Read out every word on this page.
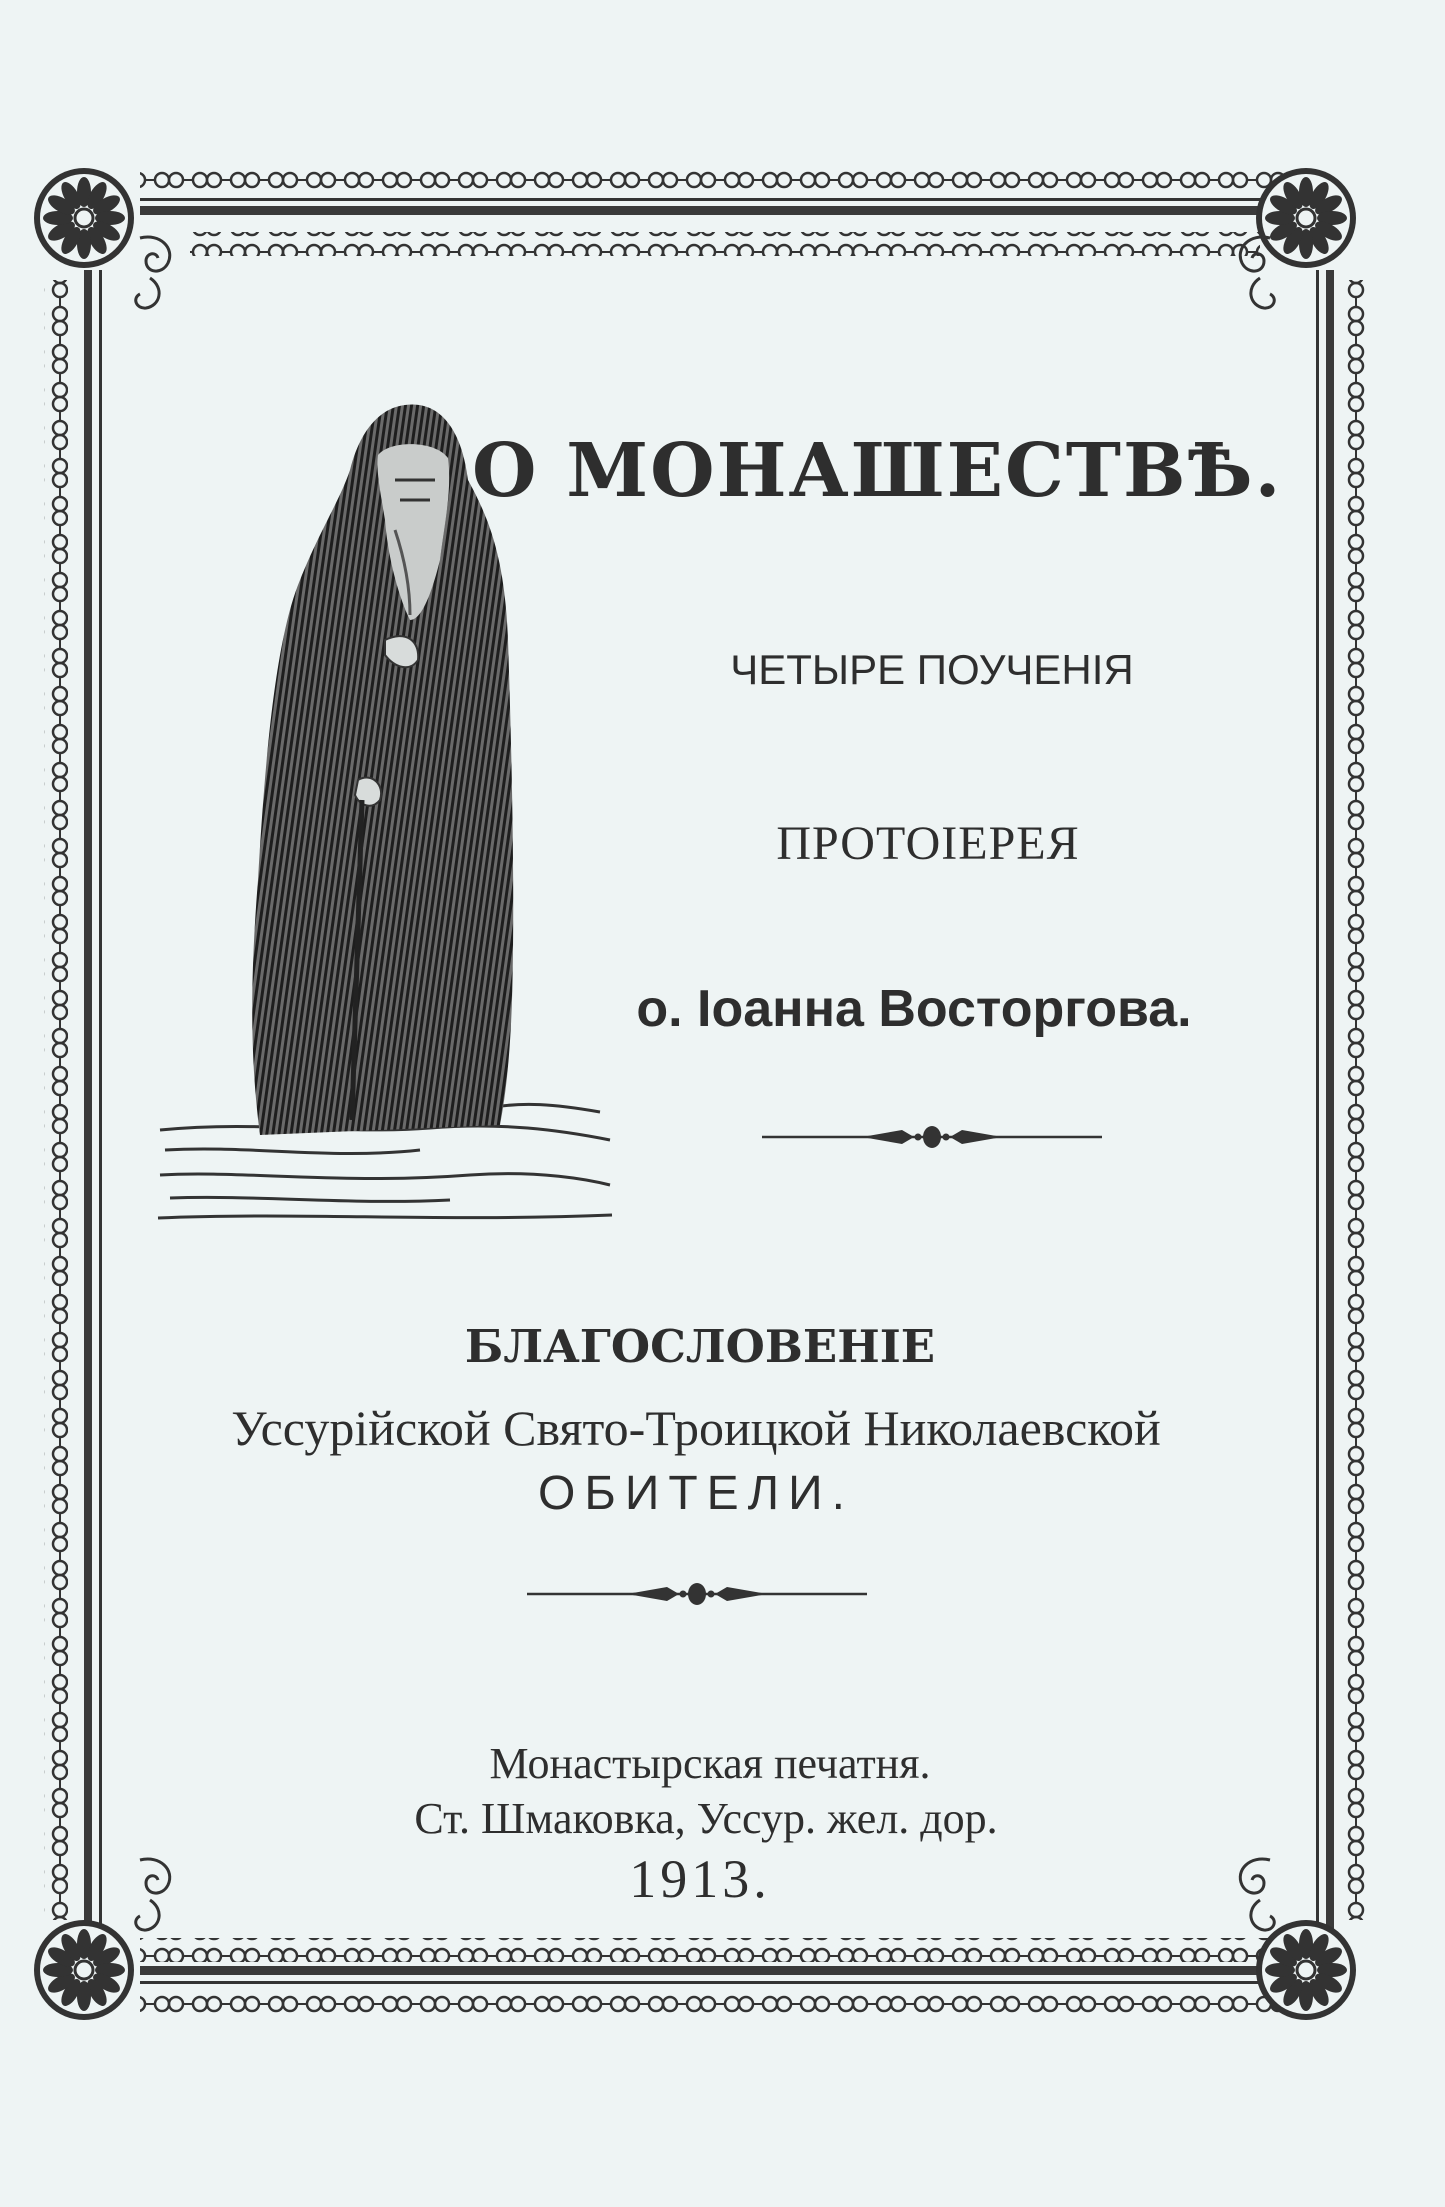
О МОНАШЕСТВѢ.
ЧЕТЫРЕ ПОУЧЕНІЯ
ПРОТОІЕРЕЯ
о. Іоанна Восторгова.
БЛАГОСЛОВЕНІЕ
Уссурійской Свято-Троицкой Николаевской
ОБИТЕЛИ.
Монастырская печатня.
Ст. Шмаковка, Уссур. жел. дор.
1913.
